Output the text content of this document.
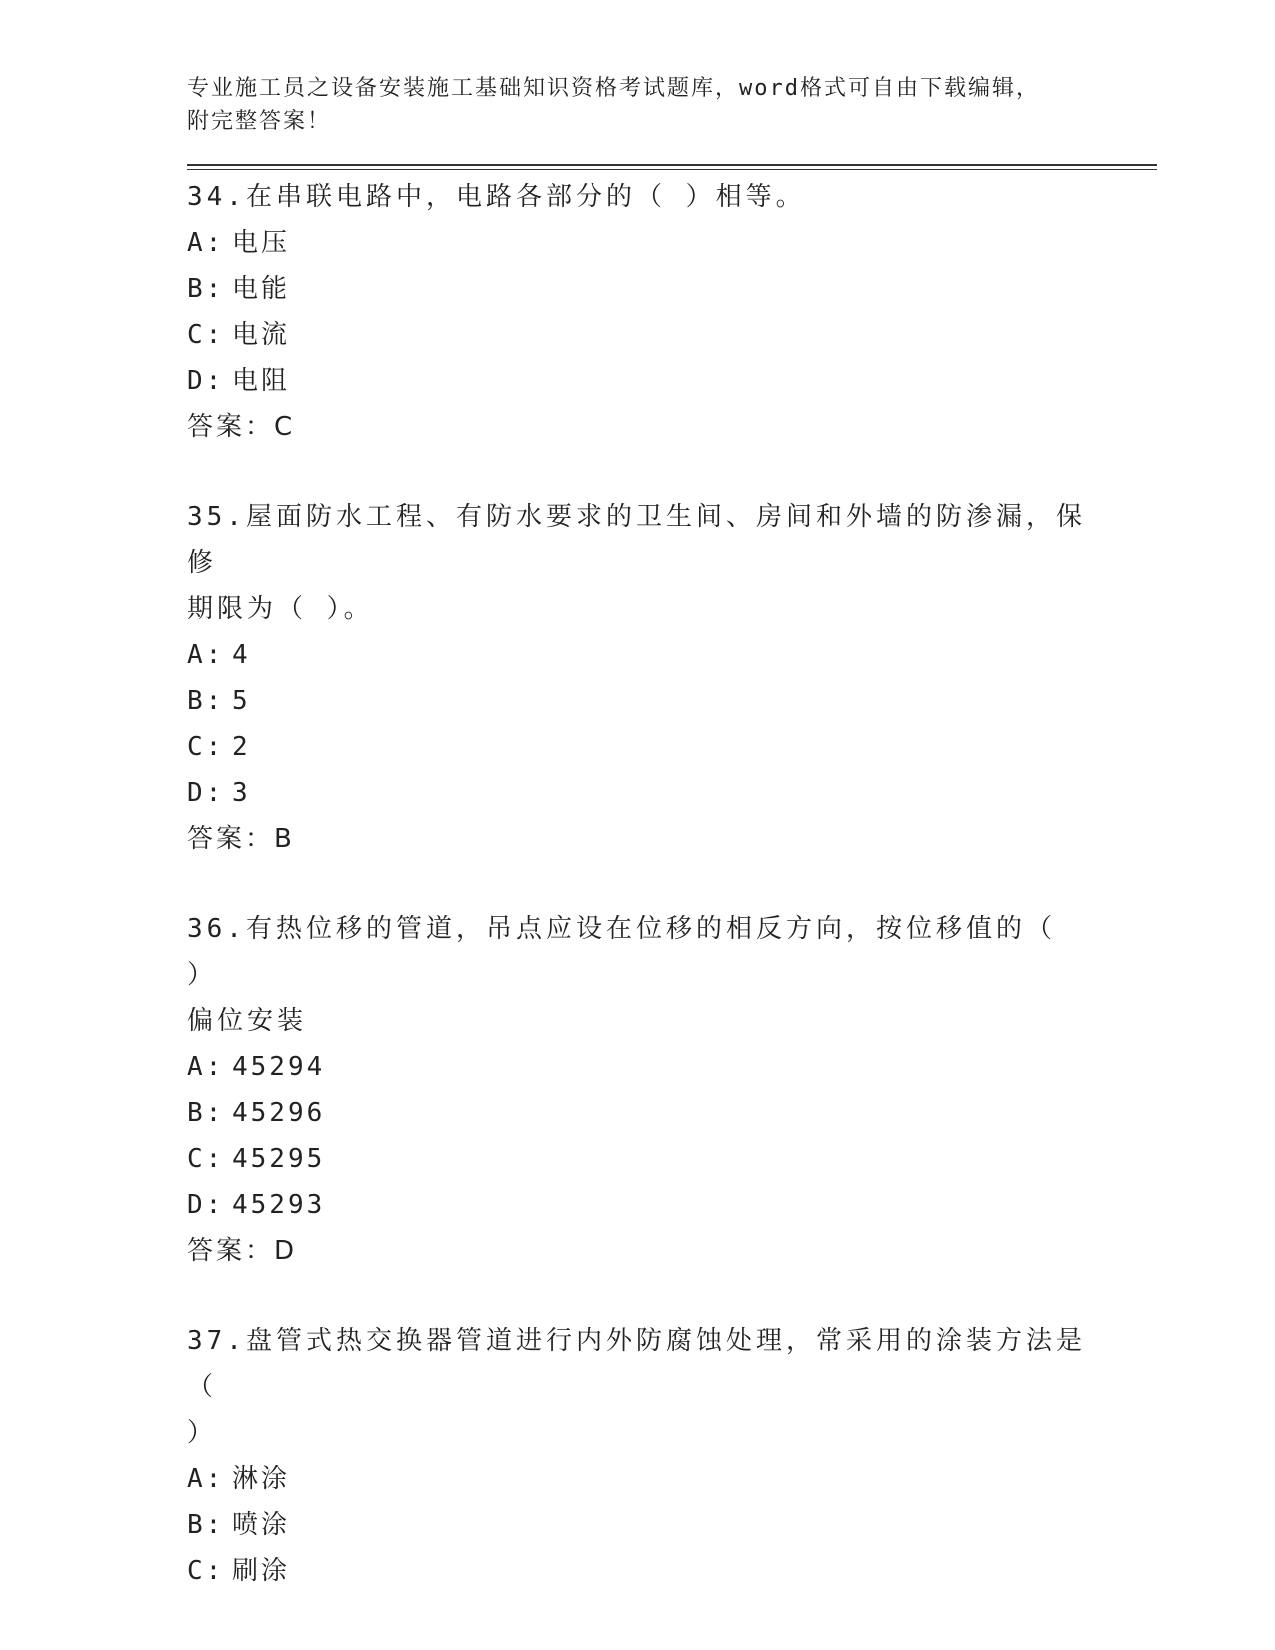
专业施工员之设备安装施工基础知识资格考试题库，word格式可自由下载编辑，
附完整答案！

34.在串联电路中，电路各部分的（ ）相等。

A: 电压

B: 电能

C: 电流

D: 电阻

答案：C

35.屋面防水工程、有防水要求的卫生间、房间和外墙的防渗漏，保修
期限为（ ）。

A: 4

B: 5

C: 2

D: 3

答案：B

36.有热位移的管道，吊点应设在位移的相反方向，按位移值的（ ）
偏位安装

A: 45294

B: 45296

C: 45295

D: 45293

答案：D

37.盘管式热交换器管道进行内外防腐蚀处理，常采用的涂装方法是（
）

A: 淋涂

B: 喷涂

C: 刷涂
